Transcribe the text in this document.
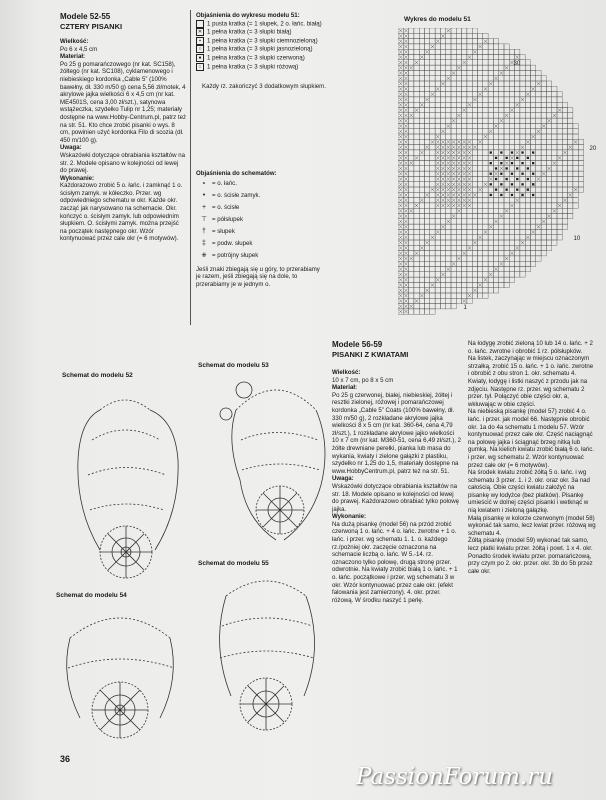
Modele 52-55
CZTERY PISANKI
Wielkość:
Po 6 x 4,5 cm
Materiał:
Po 25 g pomarańczowego (nr kat. SC158), żółtego (nr kat. SC108), cyklamenowego i niebieskiego kordonka „Cable 5” (100% bawełny, dł. 330 m/50 g) cena 5,56 zł/motek, 4 akrylowe jajka wielkości 6 x 4,5 cm (nr kat. ME4501S, cena 3,00 zł/szt.), satynowa wstążeczka, szydełko Tulip nr 1,25; materiały dostępne na www.Hobby-Centrum.pl, patrz też na str. 51. Kto chce zrobić pisanki o wys. 8 cm, powinien użyć kordonka Filo di scozia (dł. 450 m/100 g).
Uwaga:
Wskazówki dotyczące obrabiania kształtów na str. 2. Modele opisano w kolejności od lewej do prawej.
Wykonanie:
Każdorazowo zrobić 5 o. łańc. i zamknąć 1 o. ścisłym zamyk. w kółeczko. Przer. wg odpowiedniego schematu w okr. Każde okr. zacząć jak narysowano na schemacie. Okr. kończyć o. ścisłym zamyk. lub odpowiednim słupkiem. O. ścisłymi zamyk. można przejść na początek następnego okr. Wzór kontynuować przez cale okr (= 6 motywów).
Objaśnienia do wykresu modelu 51:
1 pusta kratka (= 1 słupek, 2 o. łańc. białą)
✕ 1 pełna kratka (= 3 słupki białą)
▪ 1 pełna kratka (= 3 słupki ciemnozieloną)
○ 1 pełna kratka (= 3 słupki jasnozieloną)
● 1 pełna kratka (= 3 słupki czerwoną)
↕ 1 pełna kratka (= 3 słupki różową)
Każdy rz. zakończyć 3 dodatkowym słupkiem.
Objaśnienia do schematów:
∘ = o. łańc.
• = o. ścisłe zamyk.
+ = o. ścisłe
⊤ = półsłupek
† = słupek
‡ = podw. słupek
⧺ = potrójny słupek
Jeśli znaki zbiegają się u góry, to przerabiamy je razem, jeśli zbiegają się na dole, to przerabiamy je w jednym o.
Wykres do modelu 51
30
20
10
1
Schemat do modelu 53
Schemat do modelu 52
Schemat do modelu 54
Schemat do modelu 55
Modele 56-59
PISANKI Z KWIATAMI
Wielkość:
10 x 7 cm, po 8 x 5 cm
Materiał:
Po 25 g czerwonej, białej, niebieskiej, żółtej i resztki zielonej, różowej i pomarańczowej kordonka „Cable 5” Coats (100% bawełny, dł. 330 m/50 g), 2 rozkładane akrylowe jajka wielkości 8 x 5 cm (nr kat. 360-64, cena 4,79 zł/szt.), 1 rozkładane akrylowe jajko wielkości 10 x 7 cm (nr kat. M360-51, cena 6,49 zł/szt.), 2 żółte drewniane perełki, pianka lub masa do wykania, kwiaty i zielone gałązki z plastiku, szydełko nr 1,25 do 1,5, materiały dostępne na www.HobbyCentrum.pl, patrz też na str. 51.
Uwaga:
Wskazówki dotyczące obrabiania kształtów na str. 18. Modele opisano w kolejności od lewej do prawej. Każdorazowo obrabiać tylko połowę jajka.
Wykonanie:
Na dużą pisankę (model 56) na przód zrobić czerwoną 1 o. łańc. + 4 o. łańc. zwrotne + 1 o. łańc. i przer. wg schematu 1. 1. o. każdego rz./pożniej okr. zaczęcie oznaczona na schemacie liczbą o. łańc. W 5.-14. rz. oznaczono tylko połowę, drugą stronę przer. odwrotnie. Na kwiaty zrobić białą 1 o. łańc. + 1 o. łańc. początkowe i przer. wg schematu 3 w okr. Wzór kontynuować przez całe okr. (efekt falowania jest zamierzony). 4. okr. przer. różową. W środku naszyć 1 perłę.
Na łodygę zrobić zieloną 10 lub 14 o. łańc. + 2 o. łańc. zwrotne i obrobić 1 rz. półsłupków.
Na listek, zaczynając w miejscu oznaczonym strzałką, zrobić 15 o. łańc. + 1 o. łańc. zwrotne i obrobić z obu stron 1. okr. schematu 4. Kwiaty, łodygę i listki naszyć z przodu jak na zdjęciu. Następne rz. przer. wg schematu 2 przer. tył. Połączyć obie części okr. a, wkłuwając w obie części.
Na niebieską pisankę (model 57) zrobić 4 o. łańc. i przer. jak model 66. Następnie obrobić okr. 1a do 4a schematu 1 modelu 57. Wzór kontynuować przez całe okr. Część naciągnąć na połowę jajka i ściągnąć brzeg nitką lub gumką. Na kielich kwiatu zrobić białą 6 o. łańc. i przer. wg schematu 2. Wzór kontynuować przez całe okr (= 6 motywów).
Na środek kwiatu zrobić żółtą 5 o. łańc. i wg schematu 3 przer. 1. i 2. okr. oraz okr. 3a nad całością. Obie części kwiatu założyć na pisankę wy łodyżce (bez płatków). Pisankę umieścić w dolnej części pisanki i wetknąć w nią kwiatem i zieloną gałązkę.
Małą pisankę w kolorze czerwonym (model 58) wykonać tak samo, lecz kwiat przer. różową wg schematu 4.
Żółtą pisankę (model 59) wykonać tak samo, lecz płatki kwiatu przer. żółtą i powt. 1 x 4. okr. Ponadto środek kwiatu przer. pomarańczową, przy czym po 2. okr. przer. okr. 3b do 5b przez całe okr.
36
PassionForum.ru
